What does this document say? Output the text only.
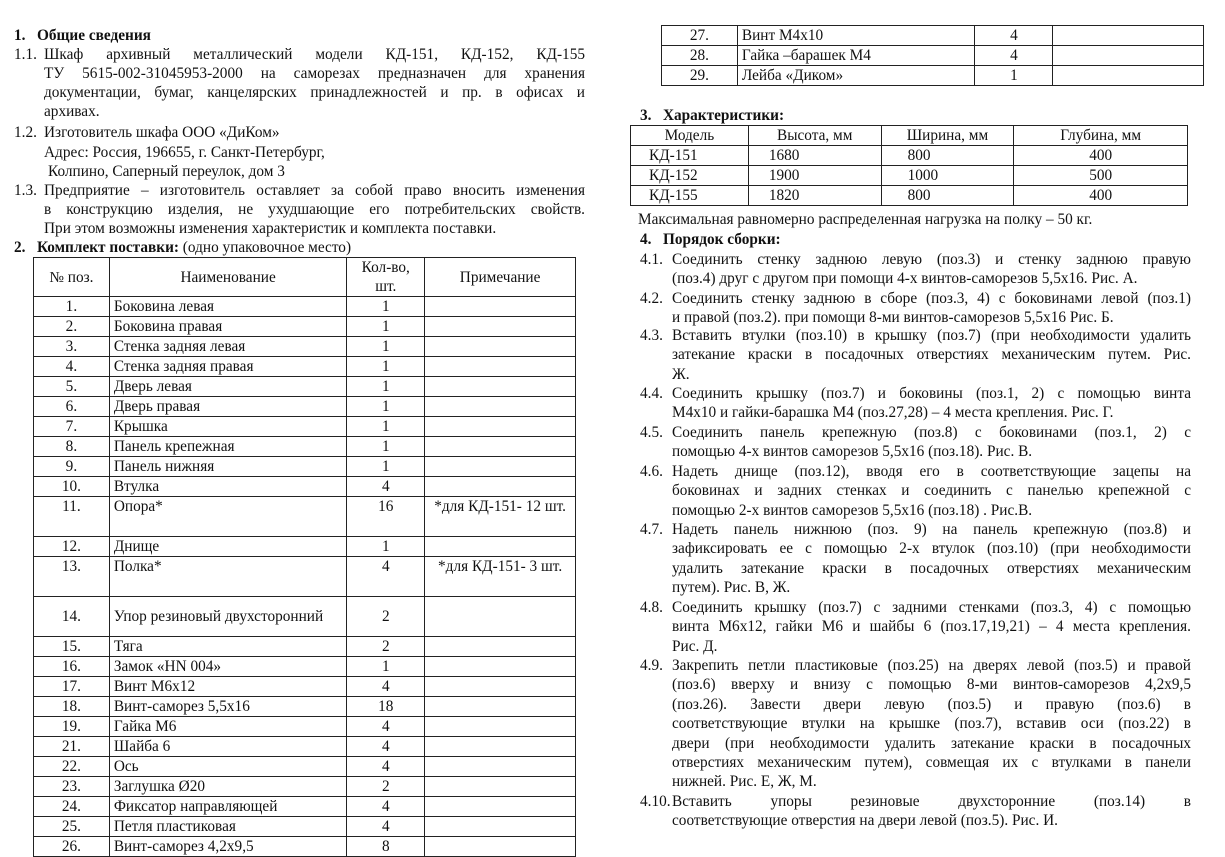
1.   Общие сведения
1.1. Шкаф архивный металлический модели КД-151, КД-152, КД-155
ТУ 5615-002-31045953-2000 на саморезах предназначен для хранения
документации, бумаг, канцелярских принадлежностей и пр. в офисах и
архивах.
1.2. Изготовитель шкафа ООО «ДиКом»
Адрес: Россия, 196655, г. Санкт-Петербург,
Колпино, Саперный переулок, дом 3
1.3. Предприятие – изготовитель оставляет за собой право вносить изменения
в конструкцию изделия, не ухудшающие его потребительских свойств.
При этом возможны изменения характеристик и комплекта поставки.
2.   Комплект поставки: (одно упаковочное место)
№ поз.	Наименование	Кол-во, шт.	Примечание
1.	Боковина левая	1	
2.	Боковина правая	1	
3.	Стенка задняя левая	1	
4.	Стенка задняя правая	1	
5.	Дверь левая	1	
6.	Дверь правая	1	
7.	Крышка	1	
8.	Панель крепежная	1	
9.	Панель нижняя	1	
10.	Втулка	4	
11.	Опора*	16	*для КД-151- 12 шт.
12.	Днище	1	
13.	Полка*	4	*для КД-151- 3 шт.
14.	Упор резиновый двухсторонний	2	
15.	Тяга	2	
16.	Замок «HN 004»	1	
17.	Винт М6х12	4	
18.	Винт-саморез 5,5х16	18	
19.	Гайка М6	4	
21.	Шайба 6	4	
22.	Ось	4	
23.	Заглушка Ø20	2	
24.	Фиксатор направляющей	4	
25.	Петля пластиковая	4	
26.	Винт-саморез 4,2х9,5	8	
27.	Винт М4х10	4	
28.	Гайка –барашек М4	4	
29.	Лейба «Диком»	1	
3.   Характеристики:
Модель	Высота, мм	Ширина, мм	Глубина, мм
КД-151	1680	800	400
КД-152	1900	1000	500
КД-155	1820	800	400
Максимальная равномерно распределенная нагрузка на полку – 50 кг.
4.   Порядок сборки:
4.1. Соединить стенку заднюю левую (поз.3) и стенку заднюю правую
(поз.4) друг с другом при помощи 4-х винтов-саморезов 5,5х16. Рис. А.
4.2. Соединить стенку заднюю в сборе (поз.3, 4) с боковинами левой (поз.1)
и правой (поз.2). при помощи 8-ми винтов-саморезов 5,5х16 Рис. Б.
4.3. Вставить втулки (поз.10) в крышку (поз.7) (при необходимости удалить
затекание краски в посадочных отверстиях механическим путем. Рис.
Ж.
4.4. Соединить крышку (поз.7) и боковины (поз.1, 2) с помощью винта
М4х10 и гайки-барашка М4 (поз.27,28) – 4 места крепления. Рис. Г.
4.5. Соединить панель крепежную (поз.8) с боковинами (поз.1, 2) с
помощью 4-х винтов саморезов 5,5х16 (поз.18). Рис. В.
4.6. Надеть днище (поз.12), вводя его в соответствующие зацепы на
боковинах и задних стенках и соединить с панелью крепежной с
помощью 2-х винтов саморезов 5,5х16 (поз.18) . Рис.В.
4.7. Надеть панель нижнюю (поз. 9) на панель крепежную (поз.8) и
зафиксировать ее с помощью 2-х втулок (поз.10) (при необходимости
удалить затекание краски в посадочных отверстиях механическим
путем). Рис. В, Ж.
4.8. Соединить крышку (поз.7) с задними стенками (поз.3, 4) с помощью
винта М6х12, гайки М6 и шайбы 6 (поз.17,19,21) – 4 места крепления.
Рис. Д.
4.9. Закрепить петли пластиковые (поз.25) на дверях левой (поз.5) и правой
(поз.6) вверху и внизу с помощью 8-ми винтов-саморезов 4,2х9,5
(поз.26). Завести двери левую (поз.5) и правую (поз.6) в
соответствующие втулки на крышке (поз.7), вставив оси (поз.22) в
двери (при необходимости удалить затекание краски в посадочных
отверстиях механическим путем), совмещая их с втулками в панели
нижней. Рис. Е, Ж, М.
4.10. Вставить упоры резиновые двухсторонние (поз.14) в
соответствующие отверстия на двери левой (поз.5). Рис. И.
